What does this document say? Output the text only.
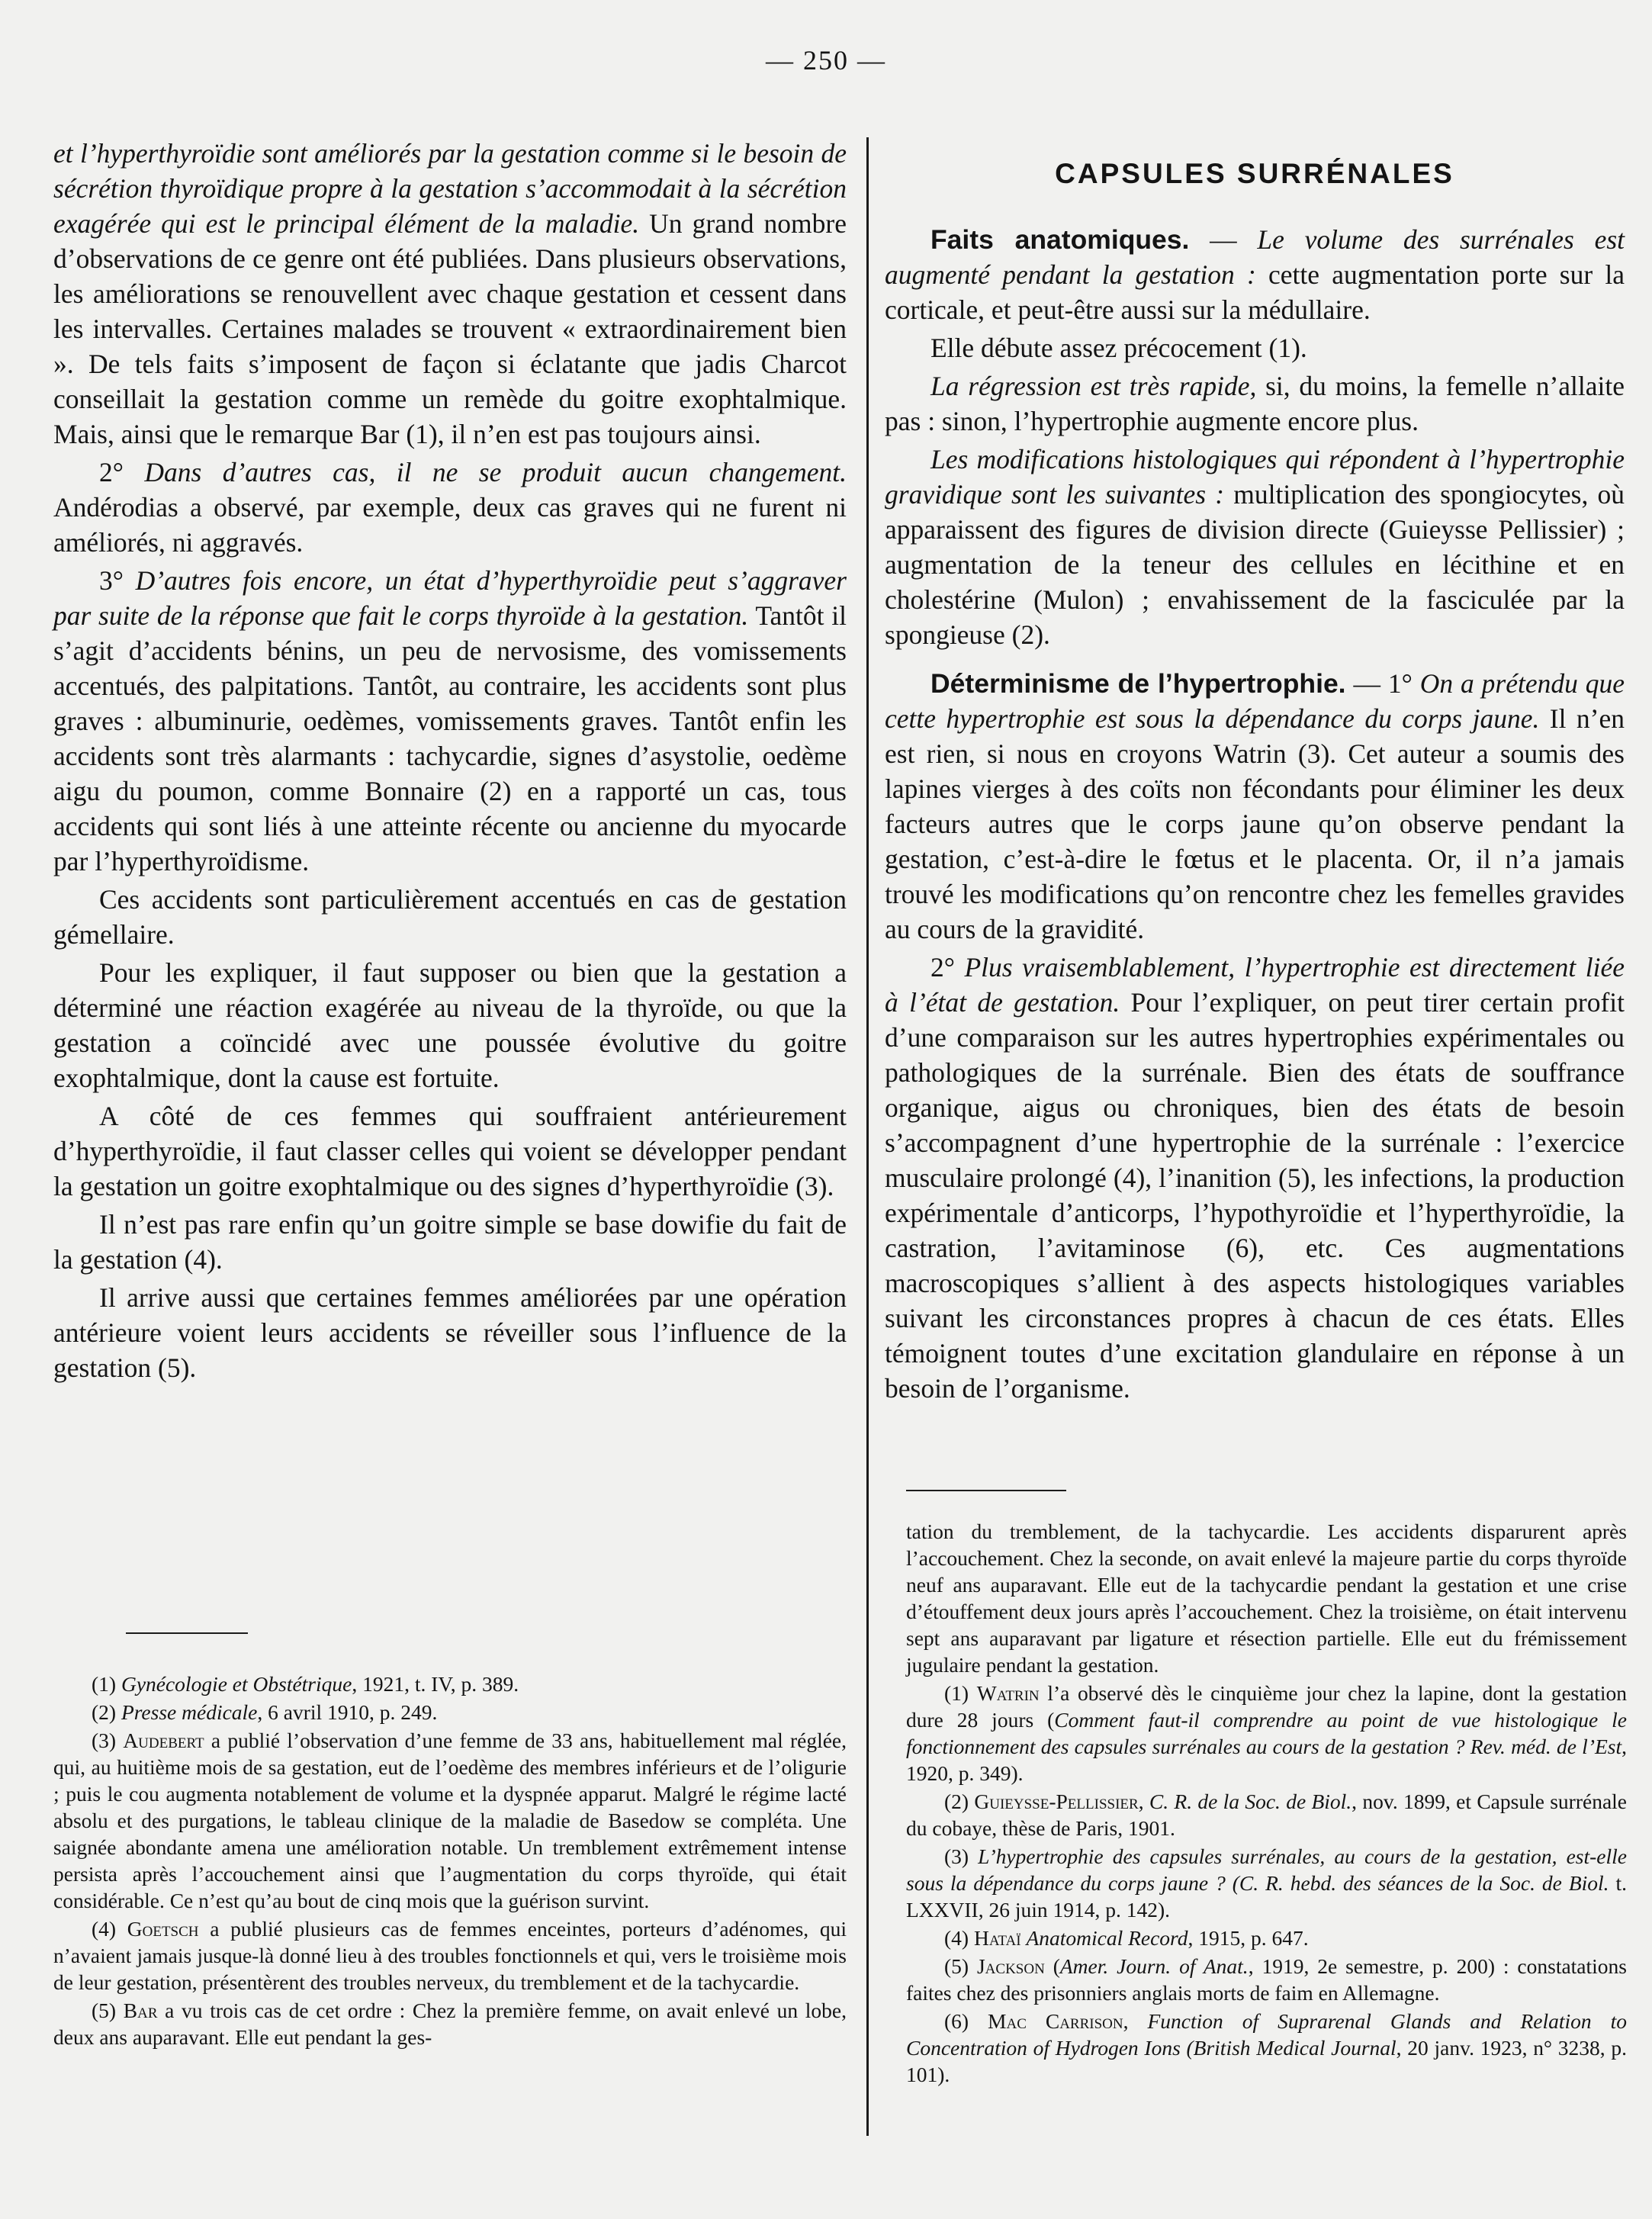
— 250 —

et l’hyperthyroïdie sont améliorés par la gestation comme si le besoin de sécrétion thyroïdique propre à la gestation s’accommodait à la sécrétion exagérée qui est le principal élément de la maladie. Un grand nombre d’observations de ce genre ont été publiées. Dans plusieurs observations, les améliorations se renouvellent avec chaque gestation et cessent dans les intervalles. Certaines malades se trouvent « extraordinairement bien ». De tels faits s’imposent de façon si éclatante que jadis Charcot conseillait la gestation comme un remède du goitre exophtalmique. Mais, ainsi que le remarque Bar (1), il n’en est pas toujours ainsi.

2° Dans d’autres cas, il ne se produit aucun changement. Andérodias a observé, par exemple, deux cas graves qui ne furent ni améliorés, ni aggravés.

3° D’autres fois encore, un état d’hyperthyroïdie peut s’aggraver par suite de la réponse que fait le corps thyroïde à la gestation. Tantôt il s’agit d’accidents bénins, un peu de nervosisme, des vomissements accentués, des palpitations. Tantôt, au contraire, les accidents sont plus graves : albuminurie, oedèmes, vomissements graves. Tantôt enfin les accidents sont très alarmants : tachycardie, signes d’asystolie, oedème aigu du poumon, comme Bonnaire (2) en a rapporté un cas, tous accidents qui sont liés à une atteinte récente ou ancienne du myocarde par l’hyperthyroïdisme.

Ces accidents sont particulièrement accentués en cas de gestation gémellaire.

Pour les expliquer, il faut supposer ou bien que la gestation a déterminé une réaction exagérée au niveau de la thyroïde, ou que la gestation a coïncidé avec une poussée évolutive du goitre exophtalmique, dont la cause est fortuite.

A côté de ces femmes qui souffraient antérieurement d’hyperthyroïdie, il faut classer celles qui voient se développer pendant la gestation un goitre exophtalmique ou des signes d’hyperthyroïdie (3).

Il n’est pas rare enfin qu’un goitre simple se base dowifie du fait de la gestation (4).

Il arrive aussi que certaines femmes améliorées par une opération antérieure voient leurs accidents se réveiller sous l’influence de la gestation (5).

(1) Gynécologie et Obstétrique, 1921, t. IV, p. 389.

(2) Presse médicale, 6 avril 1910, p. 249.

(3) Audebert a publié l’observation d’une femme de 33 ans, habituellement mal réglée, qui, au huitième mois de sa gestation, eut de l’oedème des membres inférieurs et de l’oligurie ; puis le cou augmenta notablement de volume et la dyspnée apparut. Malgré le régime lacté absolu et des purgations, le tableau clinique de la maladie de Basedow se compléta. Une saignée abondante amena une amélioration notable. Un tremblement extrêmement intense persista après l’accouchement ainsi que l’augmentation du corps thyroïde, qui était considérable. Ce n’est qu’au bout de cinq mois que la guérison survint.

(4) Goetsch a publié plusieurs cas de femmes enceintes, porteurs d’adénomes, qui n’avaient jamais jusque-là donné lieu à des troubles fonctionnels et qui, vers le troisième mois de leur gestation, présentèrent des troubles nerveux, du tremblement et de la tachycardie.

(5) Bar a vu trois cas de cet ordre : Chez la première femme, on avait enlevé un lobe, deux ans auparavant. Elle eut pendant la ges-

CAPSULES SURRÉNALES

Faits anatomiques. — Le volume des surrénales est augmenté pendant la gestation : cette augmentation porte sur la corticale, et peut-être aussi sur la médullaire.

Elle débute assez précocement (1).

La régression est très rapide, si, du moins, la femelle n’allaite pas : sinon, l’hypertrophie augmente encore plus.

Les modifications histologiques qui répondent à l’hypertrophie gravidique sont les suivantes : multiplication des spongiocytes, où apparaissent des figures de division directe (Guieysse Pellissier) ; augmentation de la teneur des cellules en lécithine et en cholestérine (Mulon) ; envahissement de la fasciculée par la spongieuse (2).

Déterminisme de l’hypertrophie. — 1° On a prétendu que cette hypertrophie est sous la dépendance du corps jaune. Il n’en est rien, si nous en croyons Watrin (3). Cet auteur a soumis des lapines vierges à des coïts non fécondants pour éliminer les deux facteurs autres que le corps jaune qu’on observe pendant la gestation, c’est-à-dire le fœtus et le placenta. Or, il n’a jamais trouvé les modifications qu’on rencontre chez les femelles gravides au cours de la gravidité.

2° Plus vraisemblablement, l’hypertrophie est directement liée à l’état de gestation. Pour l’expliquer, on peut tirer certain profit d’une comparaison sur les autres hypertrophies expérimentales ou pathologiques de la surrénale. Bien des états de souffrance organique, aigus ou chroniques, bien des états de besoin s’accompagnent d’une hypertrophie de la surrénale : l’exercice musculaire prolongé (4), l’inanition (5), les infections, la production expérimentale d’anticorps, l’hypothyroïdie et l’hyperthyroïdie, la castration, l’avitaminose (6), etc. Ces augmentations macroscopiques s’allient à des aspects histologiques variables suivant les circonstances propres à chacun de ces états. Elles témoignent toutes d’une excitation glandulaire en réponse à un besoin de l’organisme.

tation du tremblement, de la tachycardie. Les accidents disparurent après l’accouchement. Chez la seconde, on avait enlevé la majeure partie du corps thyroïde neuf ans auparavant. Elle eut de la tachycardie pendant la gestation et une crise d’étouffement deux jours après l’accouchement. Chez la troisième, on était intervenu sept ans auparavant par ligature et résection partielle. Elle eut du frémissement jugulaire pendant la gestation.

(1) Watrin l’a observé dès le cinquième jour chez la lapine, dont la gestation dure 28 jours (Comment faut-il comprendre au point de vue histologique le fonctionnement des capsules surrénales au cours de la gestation ? Rev. méd. de l’Est, 1920, p. 349).

(2) Guieysse-Pellissier, C. R. de la Soc. de Biol., nov. 1899, et Capsule surrénale du cobaye, thèse de Paris, 1901.

(3) L’hypertrophie des capsules surrénales, au cours de la gestation, est-elle sous la dépendance du corps jaune ? (C. R. hebd. des séances de la Soc. de Biol. t. LXXVII, 26 juin 1914, p. 142).

(4) Hataï Anatomical Record, 1915, p. 647.

(5) Jackson (Amer. Journ. of Anat., 1919, 2e semestre, p. 200) : constatations faites chez des prisonniers anglais morts de faim en Allemagne.

(6) Mac Carrison, Function of Suprarenal Glands and Relation to Concentration of Hydrogen Ions (British Medical Journal, 20 janv. 1923, n° 3238, p. 101).
